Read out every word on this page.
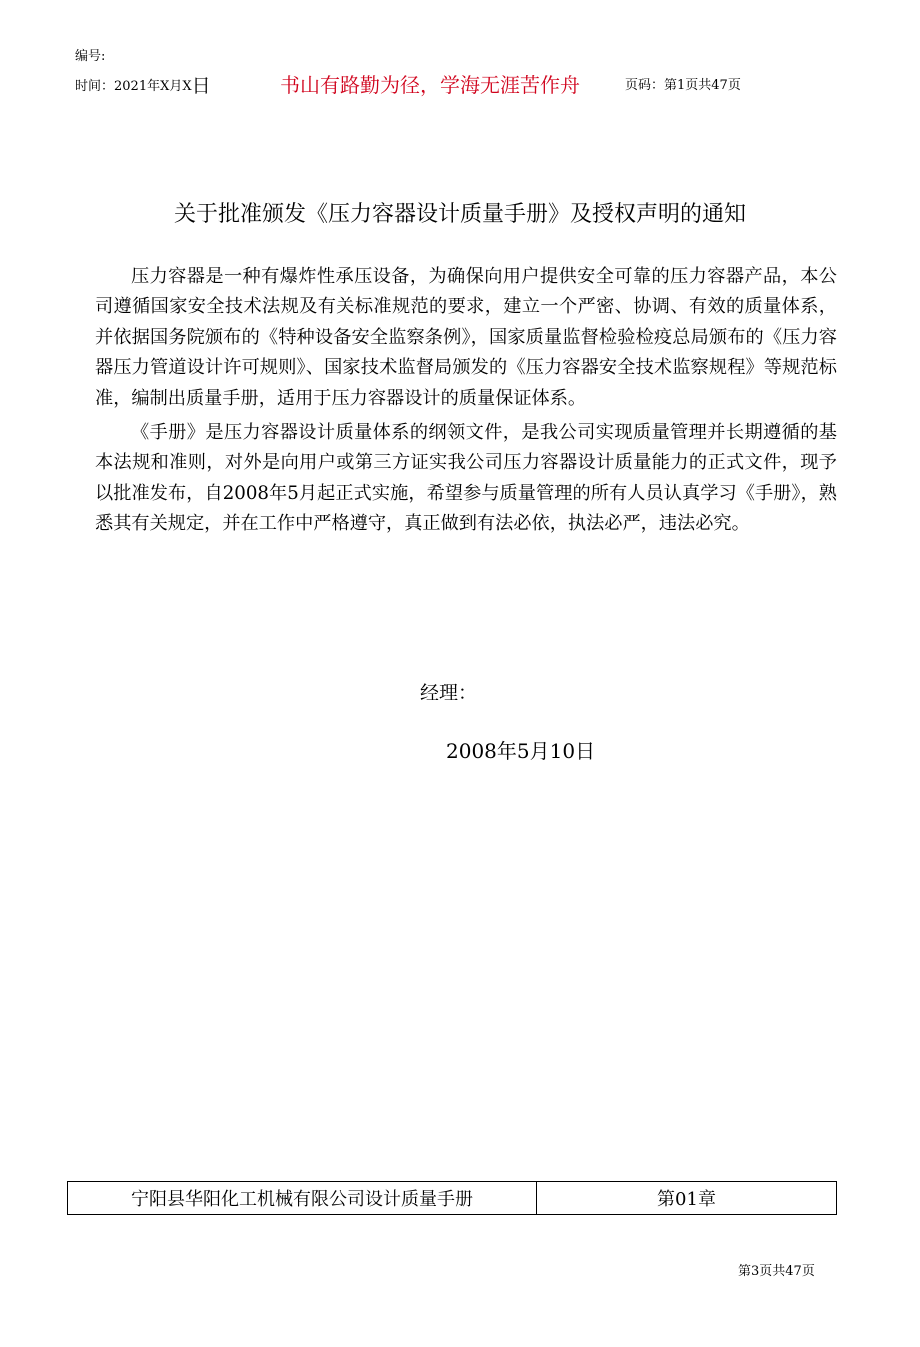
编号:
时间：2021年X月X日	书山有路勤为径，学海无涯苦作舟	页码：第1页共47页
关于批准颁发《压力容器设计质量手册》及授权声明的通知

压力容器是一种有爆炸性承压设备，为确保向用户提供安全可靠的压力容器产品，本公司遵循国家安全技术法规及有关标准规范的要求，建立一个严密、协调、有效的质量体系，并依据国务院颁布的《特种设备安全监察条例》，国家质量监督检验检疫总局颁布的《压力容器压力管道设计许可规则》、国家技术监督局颁发的《压力容器安全技术监察规程》等规范标准，编制出质量手册，适用于压力容器设计的质量保证体系。

《手册》是压力容器设计质量体系的纲领文件，是我公司实现质量管理并长期遵循的基本法规和准则，对外是向用户或第三方证实我公司压力容器设计质量能力的正式文件，现予以批准发布，自2008年5月起正式实施，希望参与质量管理的所有人员认真学习《手册》，熟悉其有关规定，并在工作中严格遵守，真正做到有法必依，执法必严，违法必究。

经理：
2008年5月10日
宁阳县华阳化工机械有限公司设计质量手册	第01章
第3页共47页
